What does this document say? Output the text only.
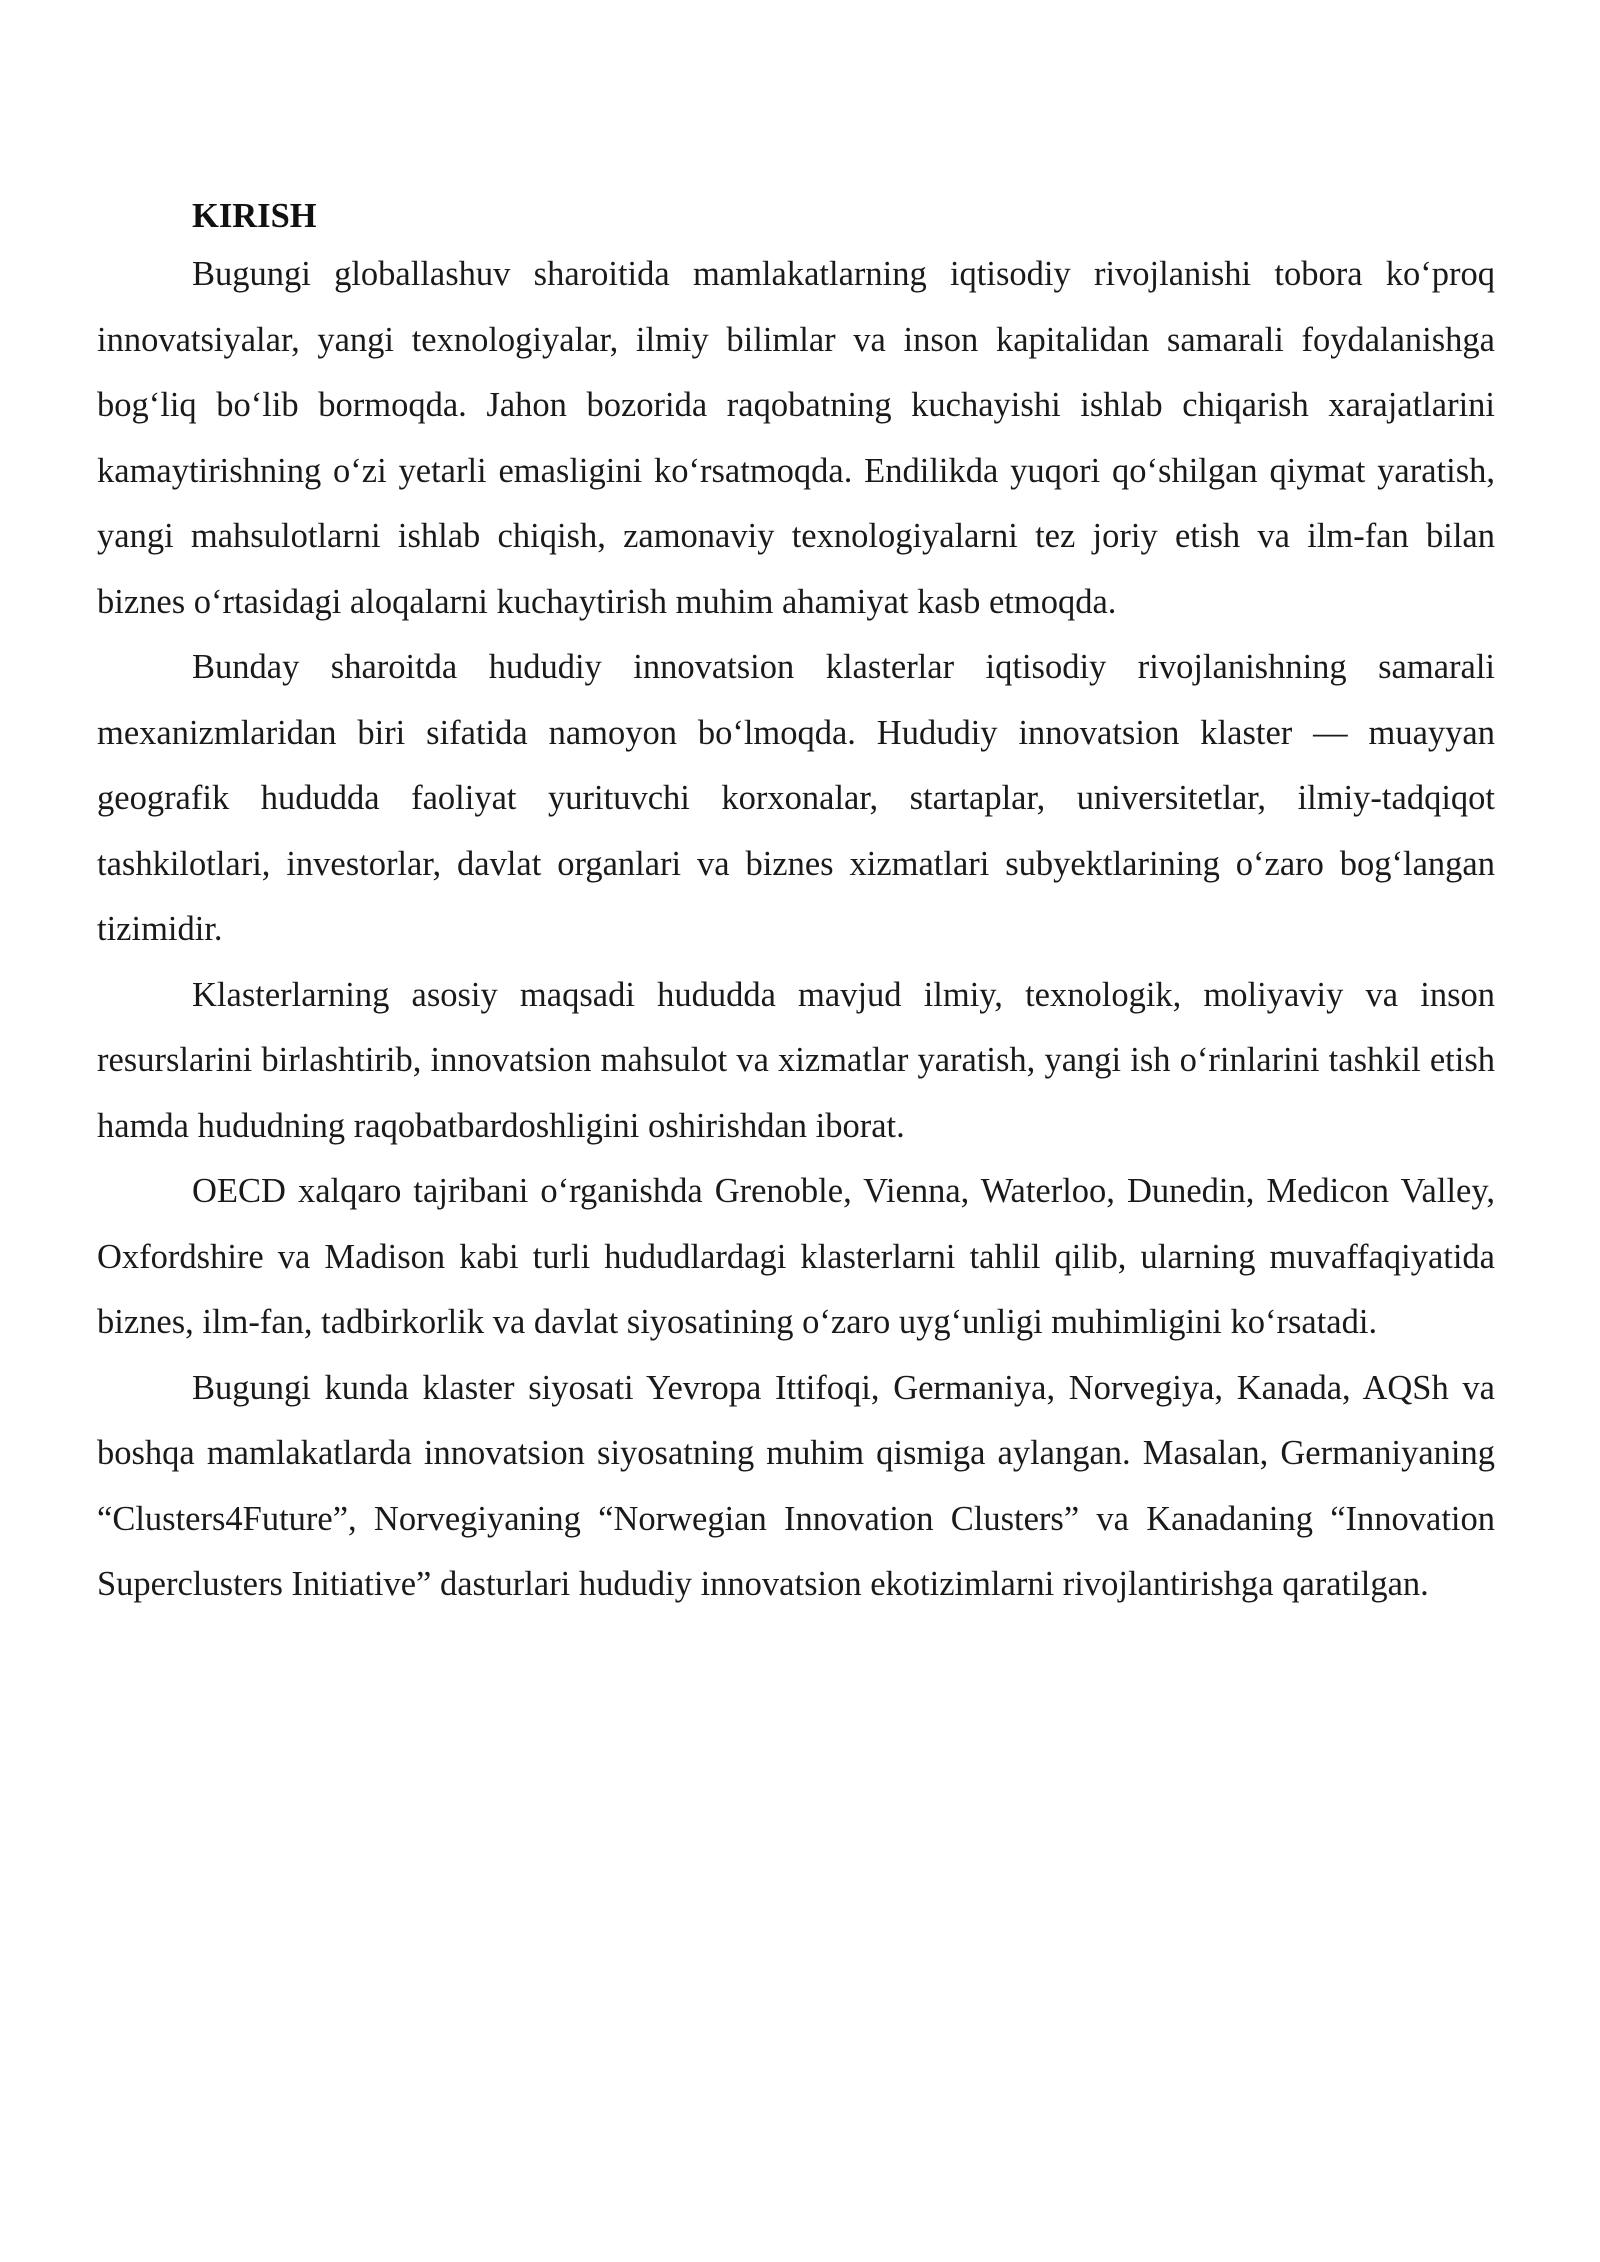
KIRISH

Bugungi globallashuv sharoitida mamlakatlarning iqtisodiy rivojlanishi tobora ko‘proq innovatsiyalar, yangi texnologiyalar, ilmiy bilimlar va inson kapitalidan samarali foydalanishga bog‘liq bo‘lib bormoqda. Jahon bozorida raqobatning kuchayishi ishlab chiqarish xarajatlarini kamaytirishning o‘zi yetarli emasligini ko‘rsatmoqda. Endilikda yuqori qo‘shilgan qiymat yaratish, yangi mahsulotlarni ishlab chiqish, zamonaviy texnologiyalarni tez joriy etish va ilm-fan bilan biznes o‘rtasidagi aloqalarni kuchaytirish muhim ahamiyat kasb etmoqda.

Bunday sharoitda hududiy innovatsion klasterlar iqtisodiy rivojlanishning samarali mexanizmlaridan biri sifatida namoyon bo‘lmoqda. Hududiy innovatsion klaster — muayyan geografik hududda faoliyat yurituvchi korxonalar, startaplar, universitetlar, ilmiy-tadqiqot tashkilotlari, investorlar, davlat organlari va biznes xizmatlari subyektlarining o‘zaro bog‘langan tizimidir.

Klasterlarning asosiy maqsadi hududda mavjud ilmiy, texnologik, moliyaviy va inson resurslarini birlashtirib, innovatsion mahsulot va xizmatlar yaratish, yangi ish o‘rinlarini tashkil etish hamda hududning raqobatbardoshligini oshirishdan iborat.

OECD xalqaro tajribani o‘rganishda Grenoble, Vienna, Waterloo, Dunedin, Medicon Valley, Oxfordshire va Madison kabi turli hududlardagi klasterlarni tahlil qilib, ularning muvaffaqiyatida biznes, ilm-fan, tadbirkorlik va davlat siyosatining o‘zaro uyg‘unligi muhimligini ko‘rsatadi.

Bugungi kunda klaster siyosati Yevropa Ittifoqi, Germaniya, Norvegiya, Kanada, AQSh va boshqa mamlakatlarda innovatsion siyosatning muhim qismiga aylangan. Masalan, Germaniyaning “Clusters4Future”, Norvegiyaning “Norwegian Innovation Clusters” va Kanadaning “Innovation Superclusters Initiative” dasturlari hududiy innovatsion ekotizimlarni rivojlantirishga qaratilgan.
